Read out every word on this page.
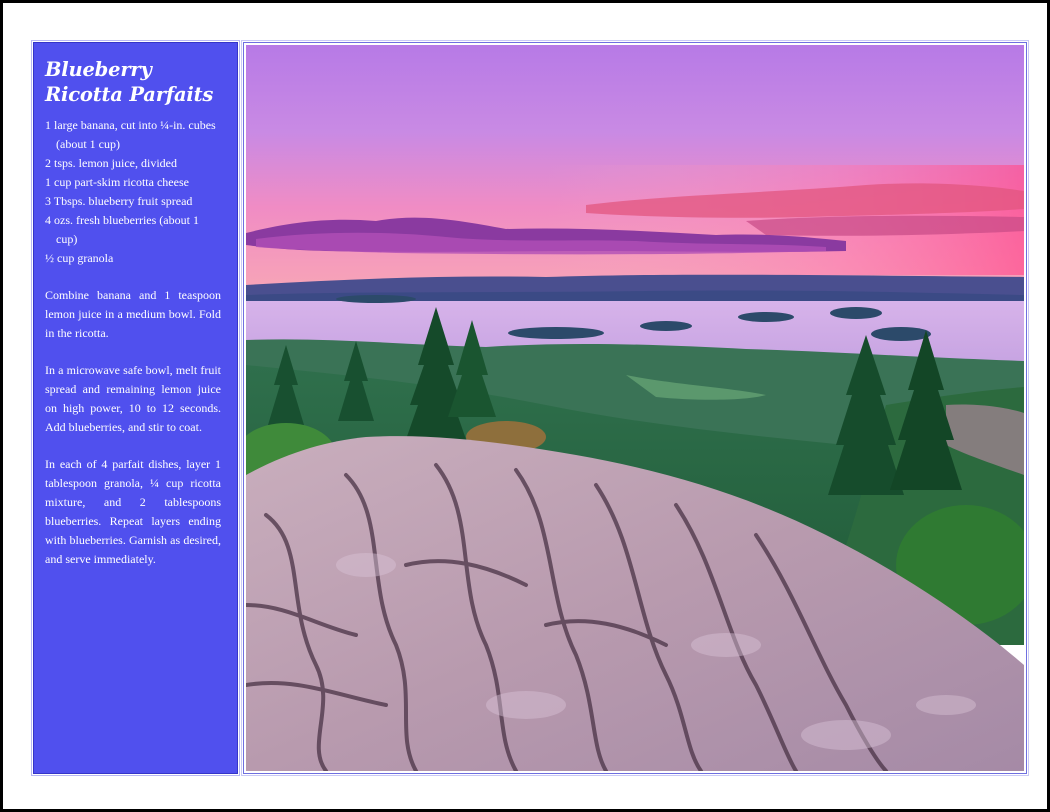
Blueberry Ricotta Parfaits
1 large banana, cut into ¼-in. cubes (about 1 cup)
2 tsps. lemon juice, divided
1 cup part-skim ricotta cheese
3 Tbsps. blueberry fruit spread
4 ozs. fresh blueberries (about 1 cup)
½ cup granola

Combine banana and 1 teaspoon lemon juice in a medium bowl. Fold in the ricotta.

In a microwave safe bowl, melt fruit spread and remaining lemon juice on high power, 10 to 12 seconds. Add blueberries, and stir to coat.

In each of 4 parfait dishes, layer 1 tablespoon granola, ¼ cup ricotta mixture, and 2 tablespoons blueberries. Repeat layers ending with blueberries. Garnish as desired, and serve immediately.
